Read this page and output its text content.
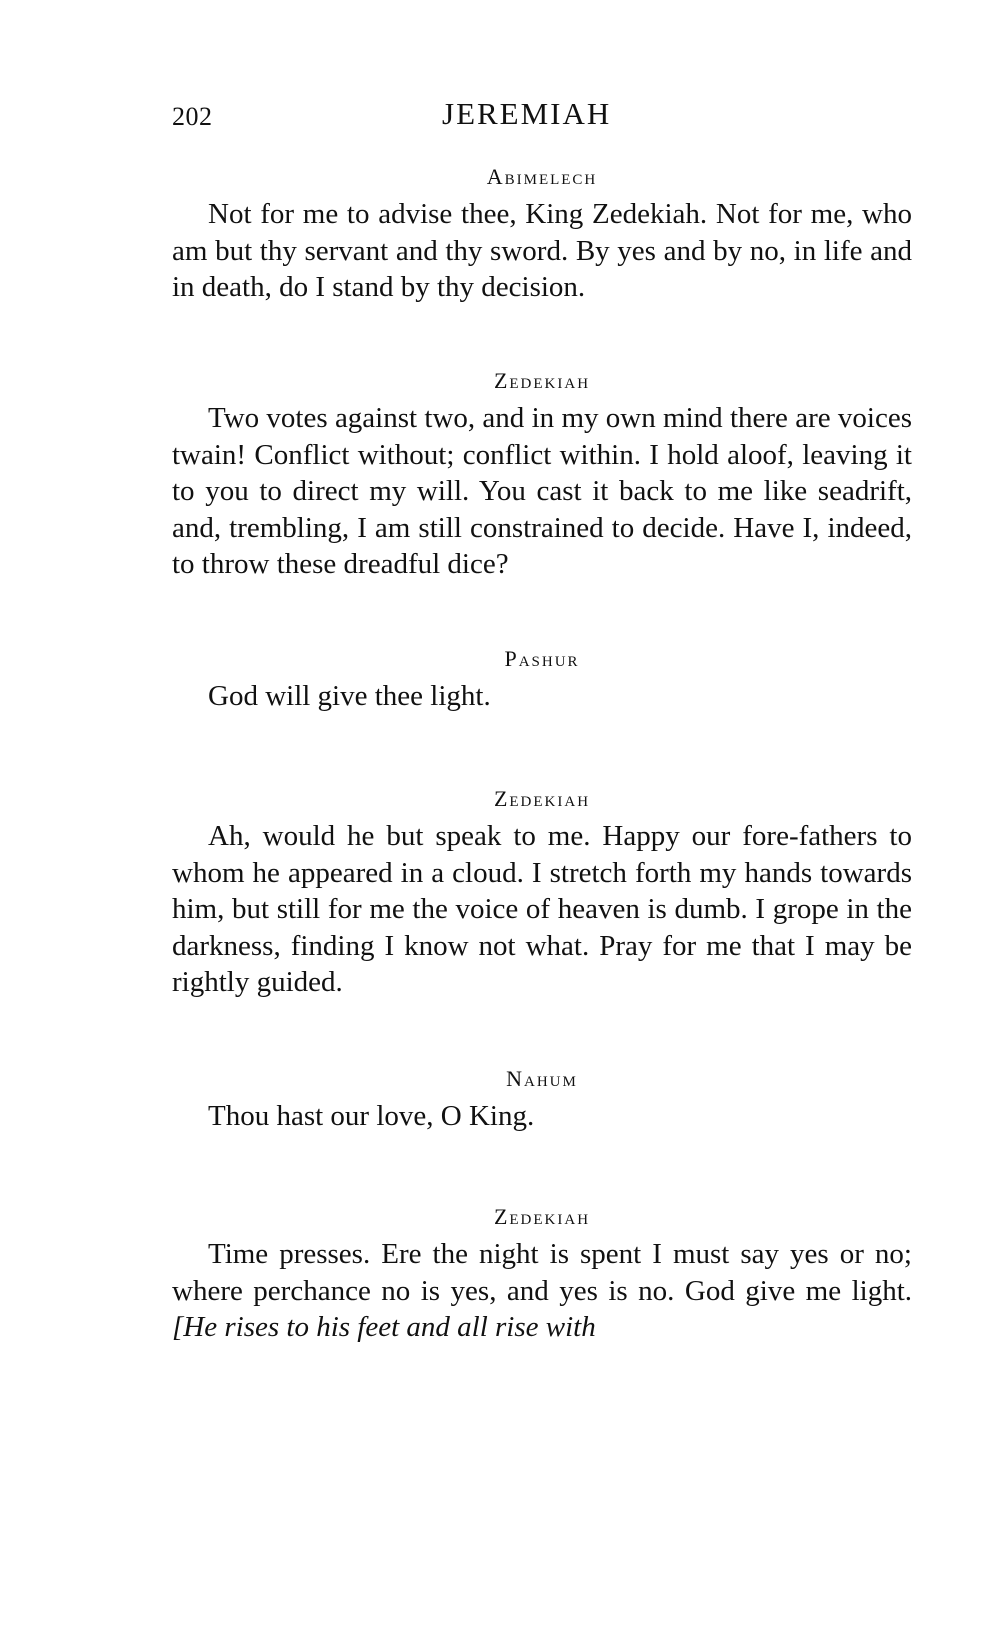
202	JEREMIAH

Abimelech

Not for me to advise thee, King Zedekiah. Not for me, who am but thy servant and thy sword. By yes and by no, in life and in death, do I stand by thy decision.

Zedekiah

Two votes against two, and in my own mind there are voices twain! Conflict without; conflict within. I hold aloof, leaving it to you to direct my will. You cast it back to me like seadrift, and, trembling, I am still constrained to decide. Have I, indeed, to throw these dreadful dice?

Pashur

God will give thee light.

Zedekiah

Ah, would he but speak to me. Happy our fore-fathers to whom he appeared in a cloud. I stretch forth my hands towards him, but still for me the voice of heaven is dumb. I grope in the darkness, finding I know not what. Pray for me that I may be rightly guided.

Nahum

Thou hast our love, O King.

Zedekiah

Time presses. Ere the night is spent I must say yes or no; where perchance no is yes, and yes is no. God give me light. [He rises to his feet and all rise with
